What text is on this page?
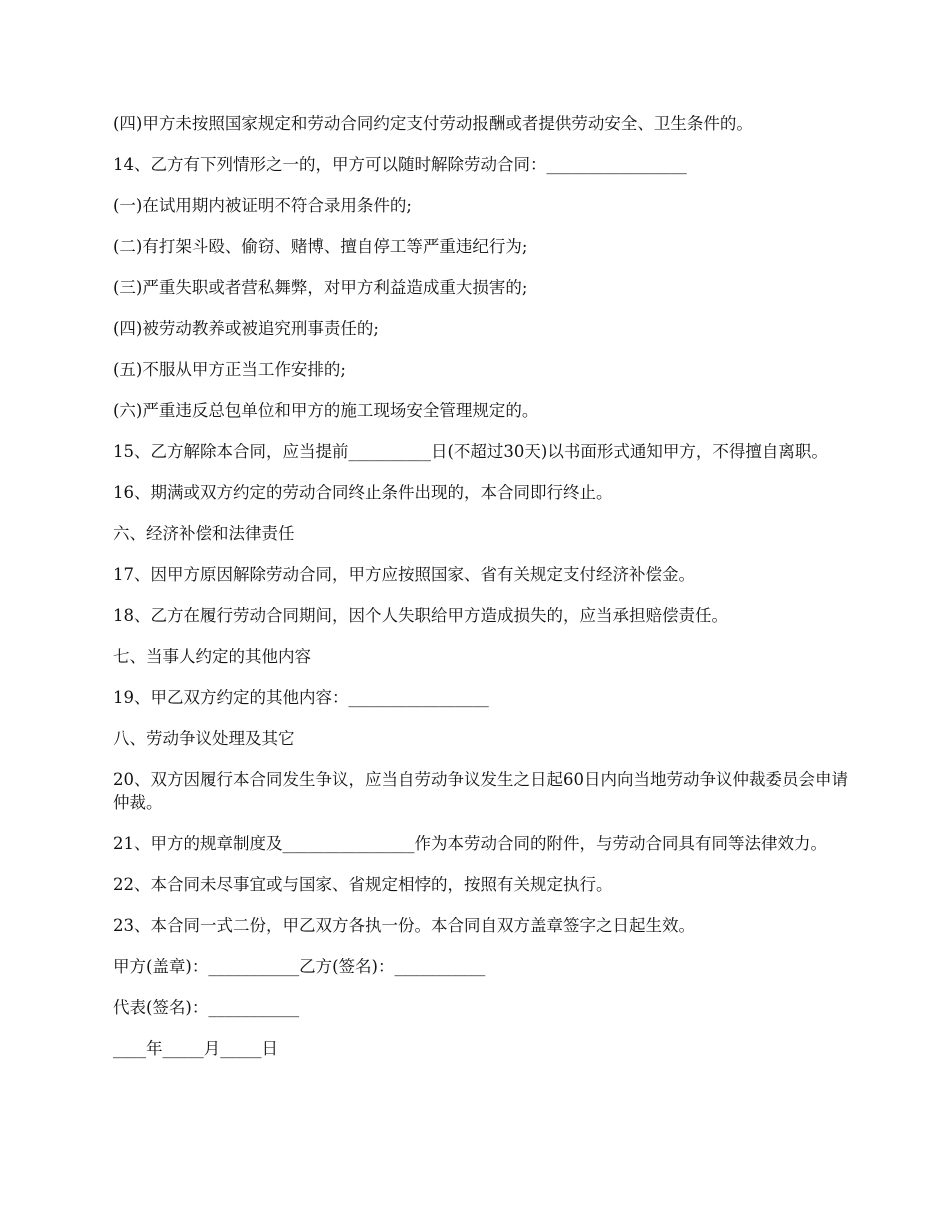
(四)甲方未按照国家规定和劳动合同约定支付劳动报酬或者提供劳动安全、卫生条件的。

14、乙方有下列情形之一的，甲方可以随时解除劳动合同：_________________

(一)在试用期内被证明不符合录用条件的;

(二)有打架斗殴、偷窃、赌博、擅自停工等严重违纪行为;

(三)严重失职或者营私舞弊，对甲方利益造成重大损害的;

(四)被劳动教养或被追究刑事责任的;

(五)不服从甲方正当工作安排的;

(六)严重违反总包单位和甲方的施工现场安全管理规定的。

15、乙方解除本合同，应当提前__________日(不超过30天)以书面形式通知甲方，不得擅自离职。

16、期满或双方约定的劳动合同终止条件出现的，本合同即行终止。

六、经济补偿和法律责任

17、因甲方原因解除劳动合同，甲方应按照国家、省有关规定支付经济补偿金。

18、乙方在履行劳动合同期间，因个人失职给甲方造成损失的，应当承担赔偿责任。

七、当事人约定的其他内容

19、甲乙双方约定的其他内容：_________________

八、劳动争议处理及其它

20、双方因履行本合同发生争议，应当自劳动争议发生之日起60日内向当地劳动争议仲裁委员会申请仲裁。

21、甲方的规章制度及________________作为本劳动合同的附件，与劳动合同具有同等法律效力。

22、本合同未尽事宜或与国家、省规定相悖的，按照有关规定执行。

23、本合同一式二份，甲乙双方各执一份。本合同自双方盖章签字之日起生效。

甲方(盖章)：___________乙方(签名)：___________

代表(签名)：___________

____年_____月_____日
